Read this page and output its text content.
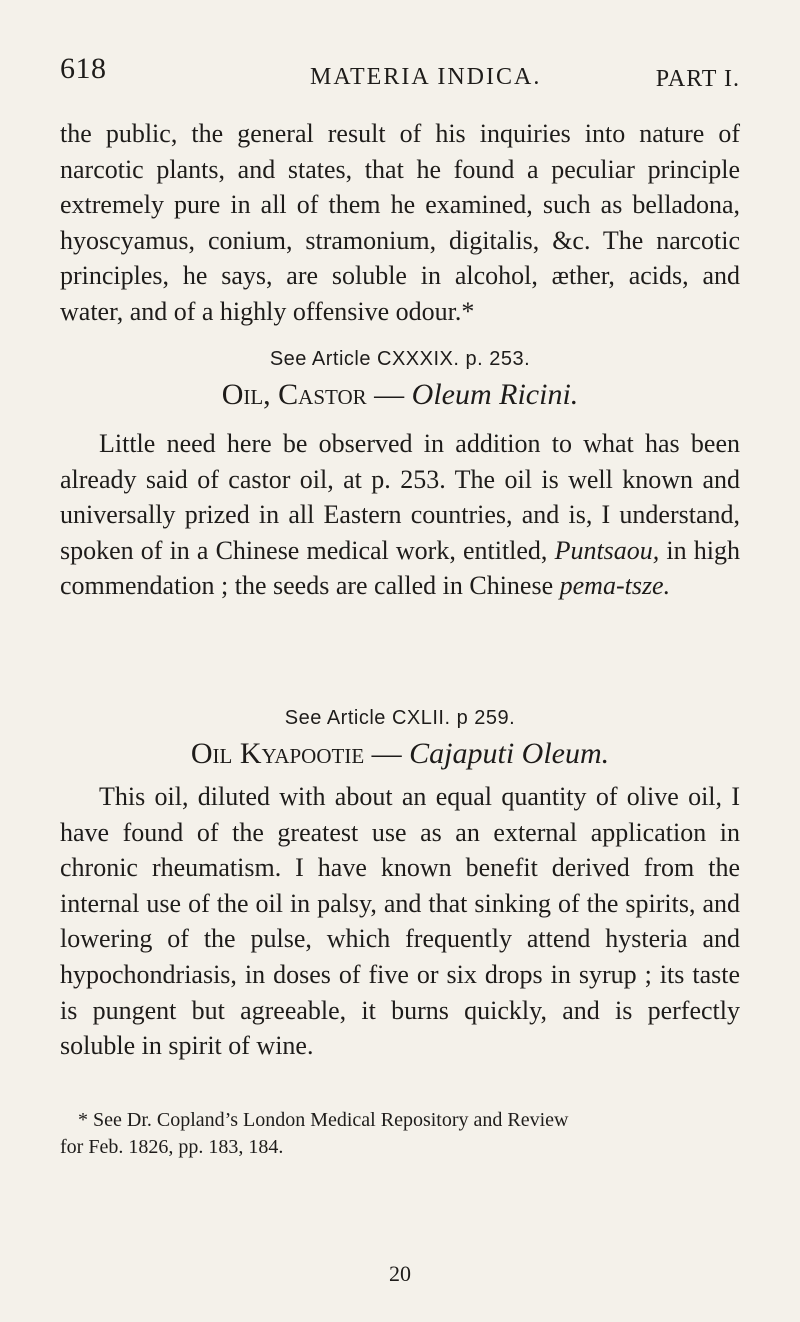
618	MATERIA INDICA.	PART I.

the public, the general result of his inquiries into nature of narcotic plants, and states, that he found a peculiar principle extremely pure in all of them he examined, such as belladona, hyoscyamus, conium, stramonium, digitalis, &c. The narcotic principles, he says, are soluble in alcohol, æther, acids, and water, and of a highly offensive odour.*

See Article CXXXIX. p. 253.
Oil, Castor — Oleum Ricini.

Little need here be observed in addition to what has been already said of castor oil, at p. 253. The oil is well known and universally prized in all Eastern countries, and is, I understand, spoken of in a Chinese medical work, entitled, Puntsaou, in high commendation ; the seeds are called in Chinese pema-tsze.

See Article CXLII. p 259.
Oil Kyapootie — Cajaputi Oleum.

This oil, diluted with about an equal quantity of olive oil, I have found of the greatest use as an external application in chronic rheumatism. I have known benefit derived from the internal use of the oil in palsy, and that sinking of the spirits, and lowering of the pulse, which frequently attend hysteria and hypochondriasis, in doses of five or six drops in syrup ; its taste is pungent but agreeable, it burns quickly, and is perfectly soluble in spirit of wine.

* See Dr. Copland’s London Medical Repository and Review
for Feb. 1826, pp. 183, 184.
20
